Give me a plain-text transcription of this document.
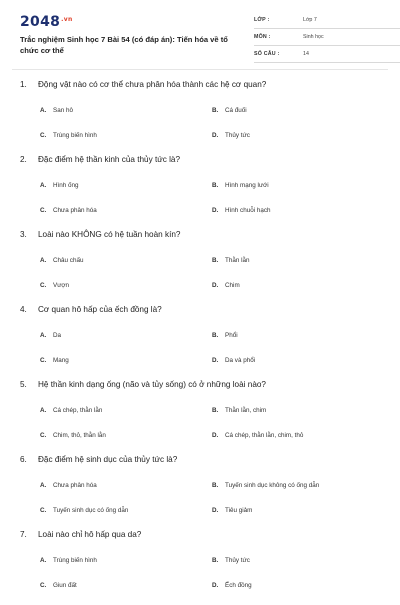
$2048^{.vn}$
Trắc nghiệm Sinh học 7 Bài 54 (có đáp án): Tiến hóa về tổ chức cơ thể
LỚP :	Lớp 7
MÔN :	Sinh học
SỐ CÂU :	14
1. Động vật nào có cơ thể chưa phân hóa thành các hệ cơ quan?
A. San hô	B. Cá đuối
C. Trùng biến hình	D. Thủy tức
2. Đặc điểm hệ thần kinh của thủy tức là?
A. Hình ống	B. Hình mạng lưới
C. Chưa phân hóa	D. Hình chuỗi hạch
3. Loài nào KHÔNG có hệ tuần hoàn kín?
A. Châu chấu	B. Thằn lằn
C. Vượn	D. Chim
4. Cơ quan hô hấp của ếch đồng là?
A. Da	B. Phổi
C. Mang	D. Da và phổi
5. Hệ thần kinh dạng ống (não và tủy sống) có ở những loài nào?
A. Cá chép, thằn lằn	B. Thằn lằn, chim
C. Chim, thỏ, thằn lằn	D. Cá chép, thằn lằn, chim, thỏ
6. Đặc điểm hệ sinh dục của thủy tức là?
A. Chưa phân hóa	B. Tuyến sinh dục không có ống dẫn
C. Tuyến sinh dục có ống dẫn	D. Tiêu giảm
7. Loài nào chỉ hô hấp qua da?
A. Trùng biến hình	B. Thủy tức
C. Giun đất	D. Ếch đồng
